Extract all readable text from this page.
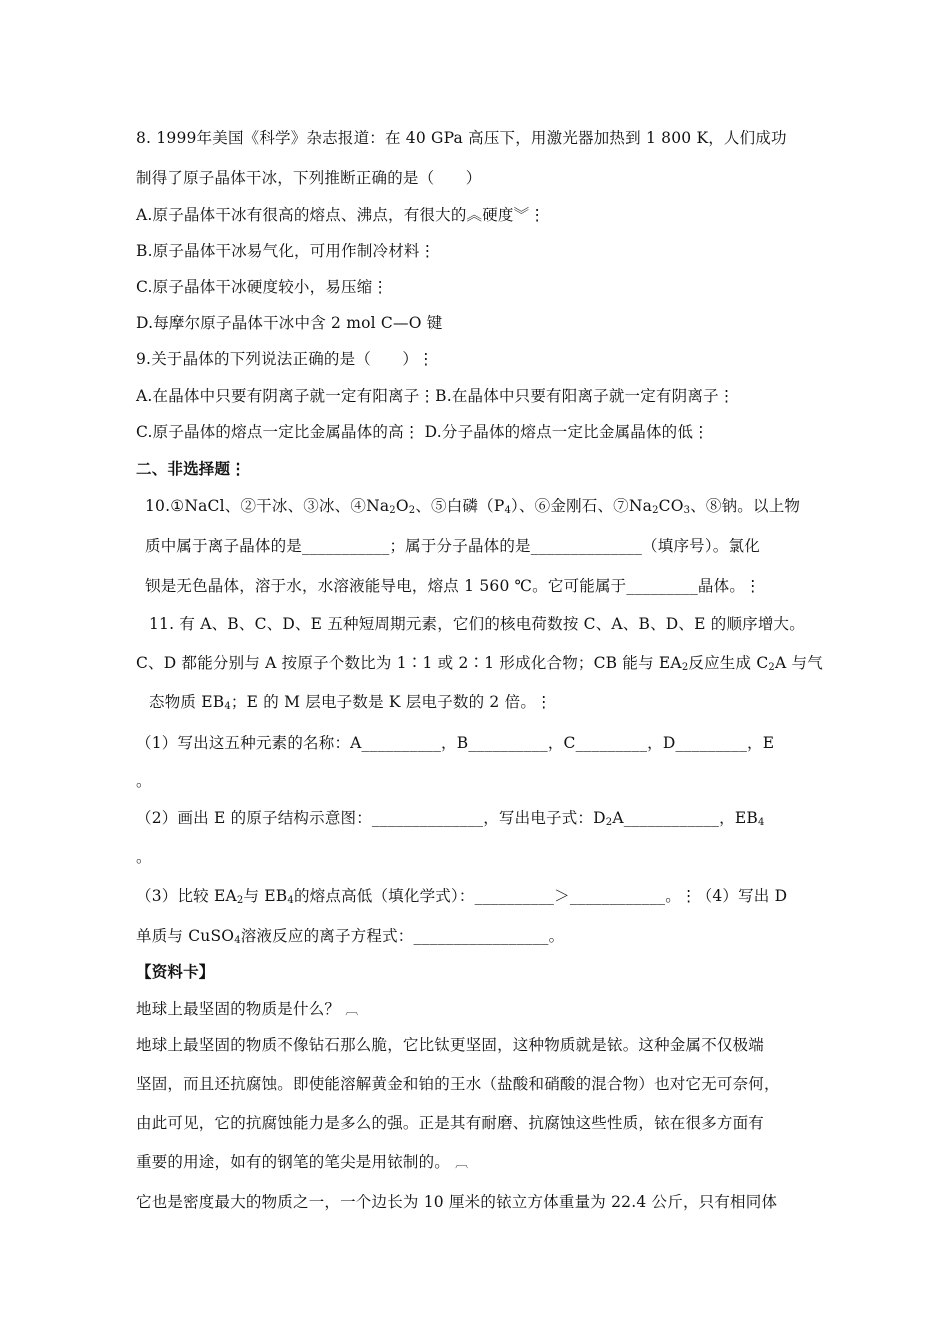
8. 1999年美国《科学》杂志报道：在 40 GPa 高压下，用激光器加热到 1 800 K，人们成功
制得了原子晶体干冰，下列推断正确的是（　　）
A.原子晶体干冰有很高的熔点、沸点，有很大的︽硬度︾⋮
B.原子晶体干冰易气化，可用作制冷材料⋮
C.原子晶体干冰硬度较小，易压缩⋮
D.每摩尔原子晶体干冰中含 2 mol C—O 键
9.关于晶体的下列说法正确的是（　　）⋮
A.在晶体中只要有阴离子就一定有阳离子⋮B.在晶体中只要有阳离子就一定有阴离子⋮
C.原子晶体的熔点一定比金属晶体的高⋮ D.分子晶体的熔点一定比金属晶体的低⋮
二、非选择题⋮
10.①NaCl、②干冰、③冰、$④Na_2O_2$、⑤白磷$(P_4)$、⑥金刚石、$⑦Na_2CO_3$、⑧钠。以上物
质中属于离子晶体的是___________；属于分子晶体的是______________（填序号）。氯化
钡是无色晶体，溶于水，水溶液能导电，熔点 1 560 ℃。它可能属于_________晶体。⋮
11. 有 A、B、C、D、E 五种短周期元素，它们的核电荷数按 C、A、B、D、E 的顺序增大。
C、D 都能分别与 A 按原子个数比为 1∶1 或 2∶1 形成化合物；CB 能与 $EA_2$反应生成 $C_2A$ 与气
态物质 $EB_4$；E 的 M 层电子数是 K 层电子数的 2 倍。⋮
（1）写出这五种元素的名称：A__________，B__________，C_________，D_________，E
。
（2）画出 E 的原子结构示意图：______________，写出电子式：$D_2A\_\_\_\_\_\_\_\_\_\_\_\_$，$EB_4$
。
（3）比较 $EA_2$与 $EB_4$的熔点高低（填化学式）：__________＞____________。⋮（4）写出 D
单质与 CuSO$_4$溶液反应的离子方程式：_________________。
【资料卡】
地球上最坚固的物质是什么？ ︹
地球上最坚固的物质不像钻石那么脆，它比钛更坚固，这种物质就是铱。这种金属不仅极端
坚固，而且还抗腐蚀。即使能溶解黄金和铂的王水（盐酸和硝酸的混合物）也对它无可奈何，
由此可见，它的抗腐蚀能力是多么的强。正是其有耐磨、抗腐蚀这些性质，铱在很多方面有
重要的用途，如有的钢笔的笔尖是用铱制的。 ︹
它也是密度最大的物质之一，一个边长为 10 厘米的铱立方体重量为 22.4 公斤，只有相同体
